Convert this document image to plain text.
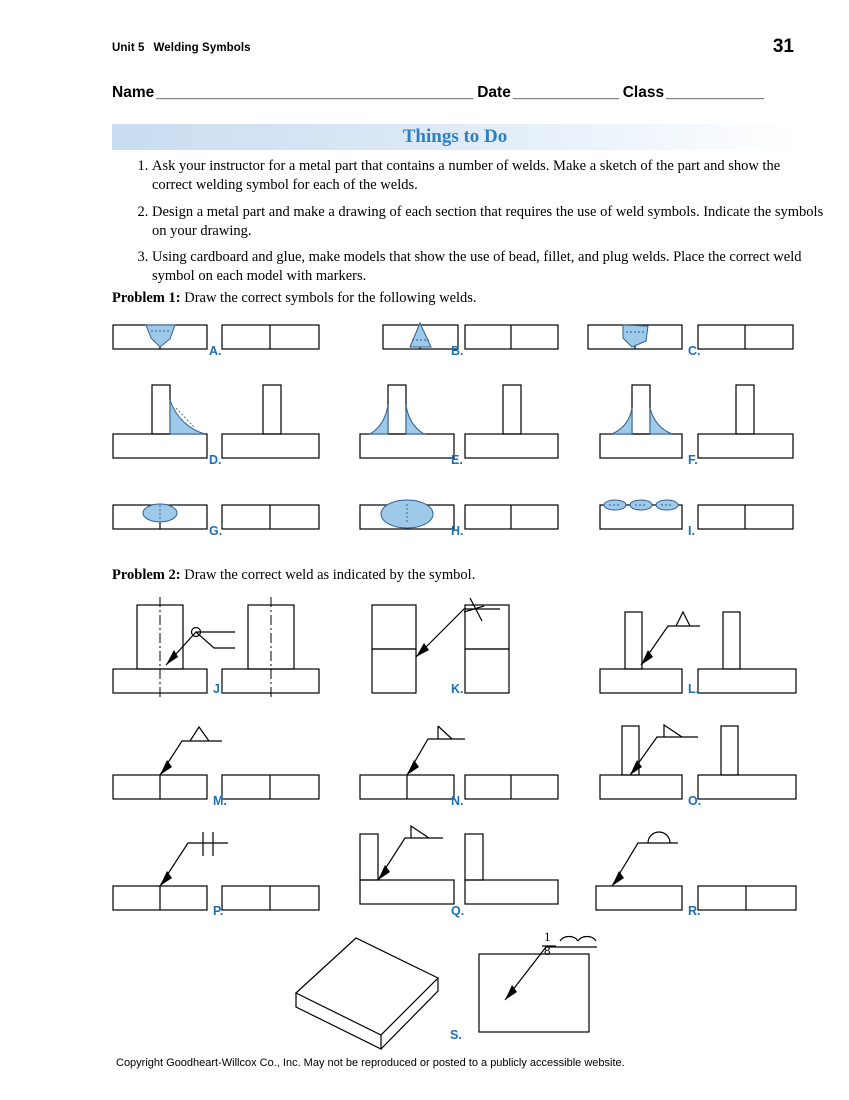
Unit 5 Welding Symbols	31
Name _______________________________________ Date _____________ Class ____________
Things to Do
1. Ask your instructor for a metal part that contains a number of welds. Make a sketch of the part and show the correct welding symbol for each of the welds.
2. Design a metal part and make a drawing of each section that requires the use of weld symbols. Indicate the symbols on your drawing.
3. Using cardboard and glue, make models that show the use of bead, fillet, and plug welds. Place the correct weld symbol on each model with markers.
Problem 1: Draw the correct symbols for the following welds.
A.	B.	C.
D.	E.	F.
G.	H.	I.
Problem 2: Draw the correct weld as indicated by the symbol.
1
8
J.	K.	L.
M.	N.	O.
P.	Q.	R.
S.
Copyright Goodheart-Willcox Co., Inc. May not be reproduced or posted to a publicly accessible website.
